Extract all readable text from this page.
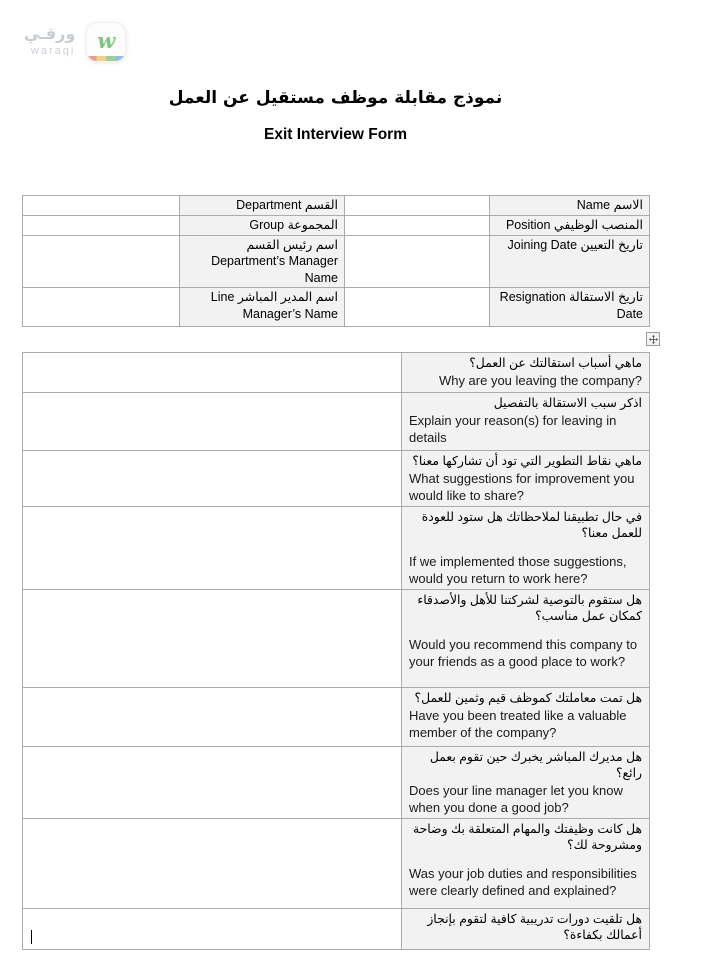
ورقـي
waraqi w
نموذج مقابلة موظف مستقيل عن العمل
Exit Interview Form
الاسم Name		القسم Department	
المنصب الوظيفي Position		المجموعة Group	
تاريخ التعيين Joining Date		اسم رئيس القسم Department’s Manager Name	
تاريخ الاستقالة Resignation Date		اسم المدير المباشر Line Manager’s Name	
ماهي أسباب استقالتك عن العمل؟
Why are you leaving the company?	

اذكر سبب الاستقالة بالتفصيل
Explain your reason(s) for leaving in details	

ماهي نقاط التطوير التي تود أن تشاركها معنا؟
What suggestions for improvement you would like to share?	

في حال تطبيقنا لملاحظاتك هل ستود للعودة للعمل معنا؟
If we implemented those suggestions, would you return to work here?	

هل ستقوم بالتوصية لشركتنا للأهل والأصدقاء كمكان عمل مناسب؟
Would you recommend this company to your friends as a good place to work?	

هل تمت معاملتك كموظف قيم وثمين للعمل؟
Have you been treated like a valuable member of the company?	

هل مديرك المباشر يخبرك حين تقوم بعمل رائع؟
Does your line manager let you know when you done a good job?	

هل كانت وظيفتك والمهام المتعلقة بك وضاحة ومشروحة لك؟
Was your job duties and responsibilities were clearly defined and explained?	

هل تلقيت دورات تدريبية كافية لتقوم بإنجاز أعمالك بكفاءة؟	
